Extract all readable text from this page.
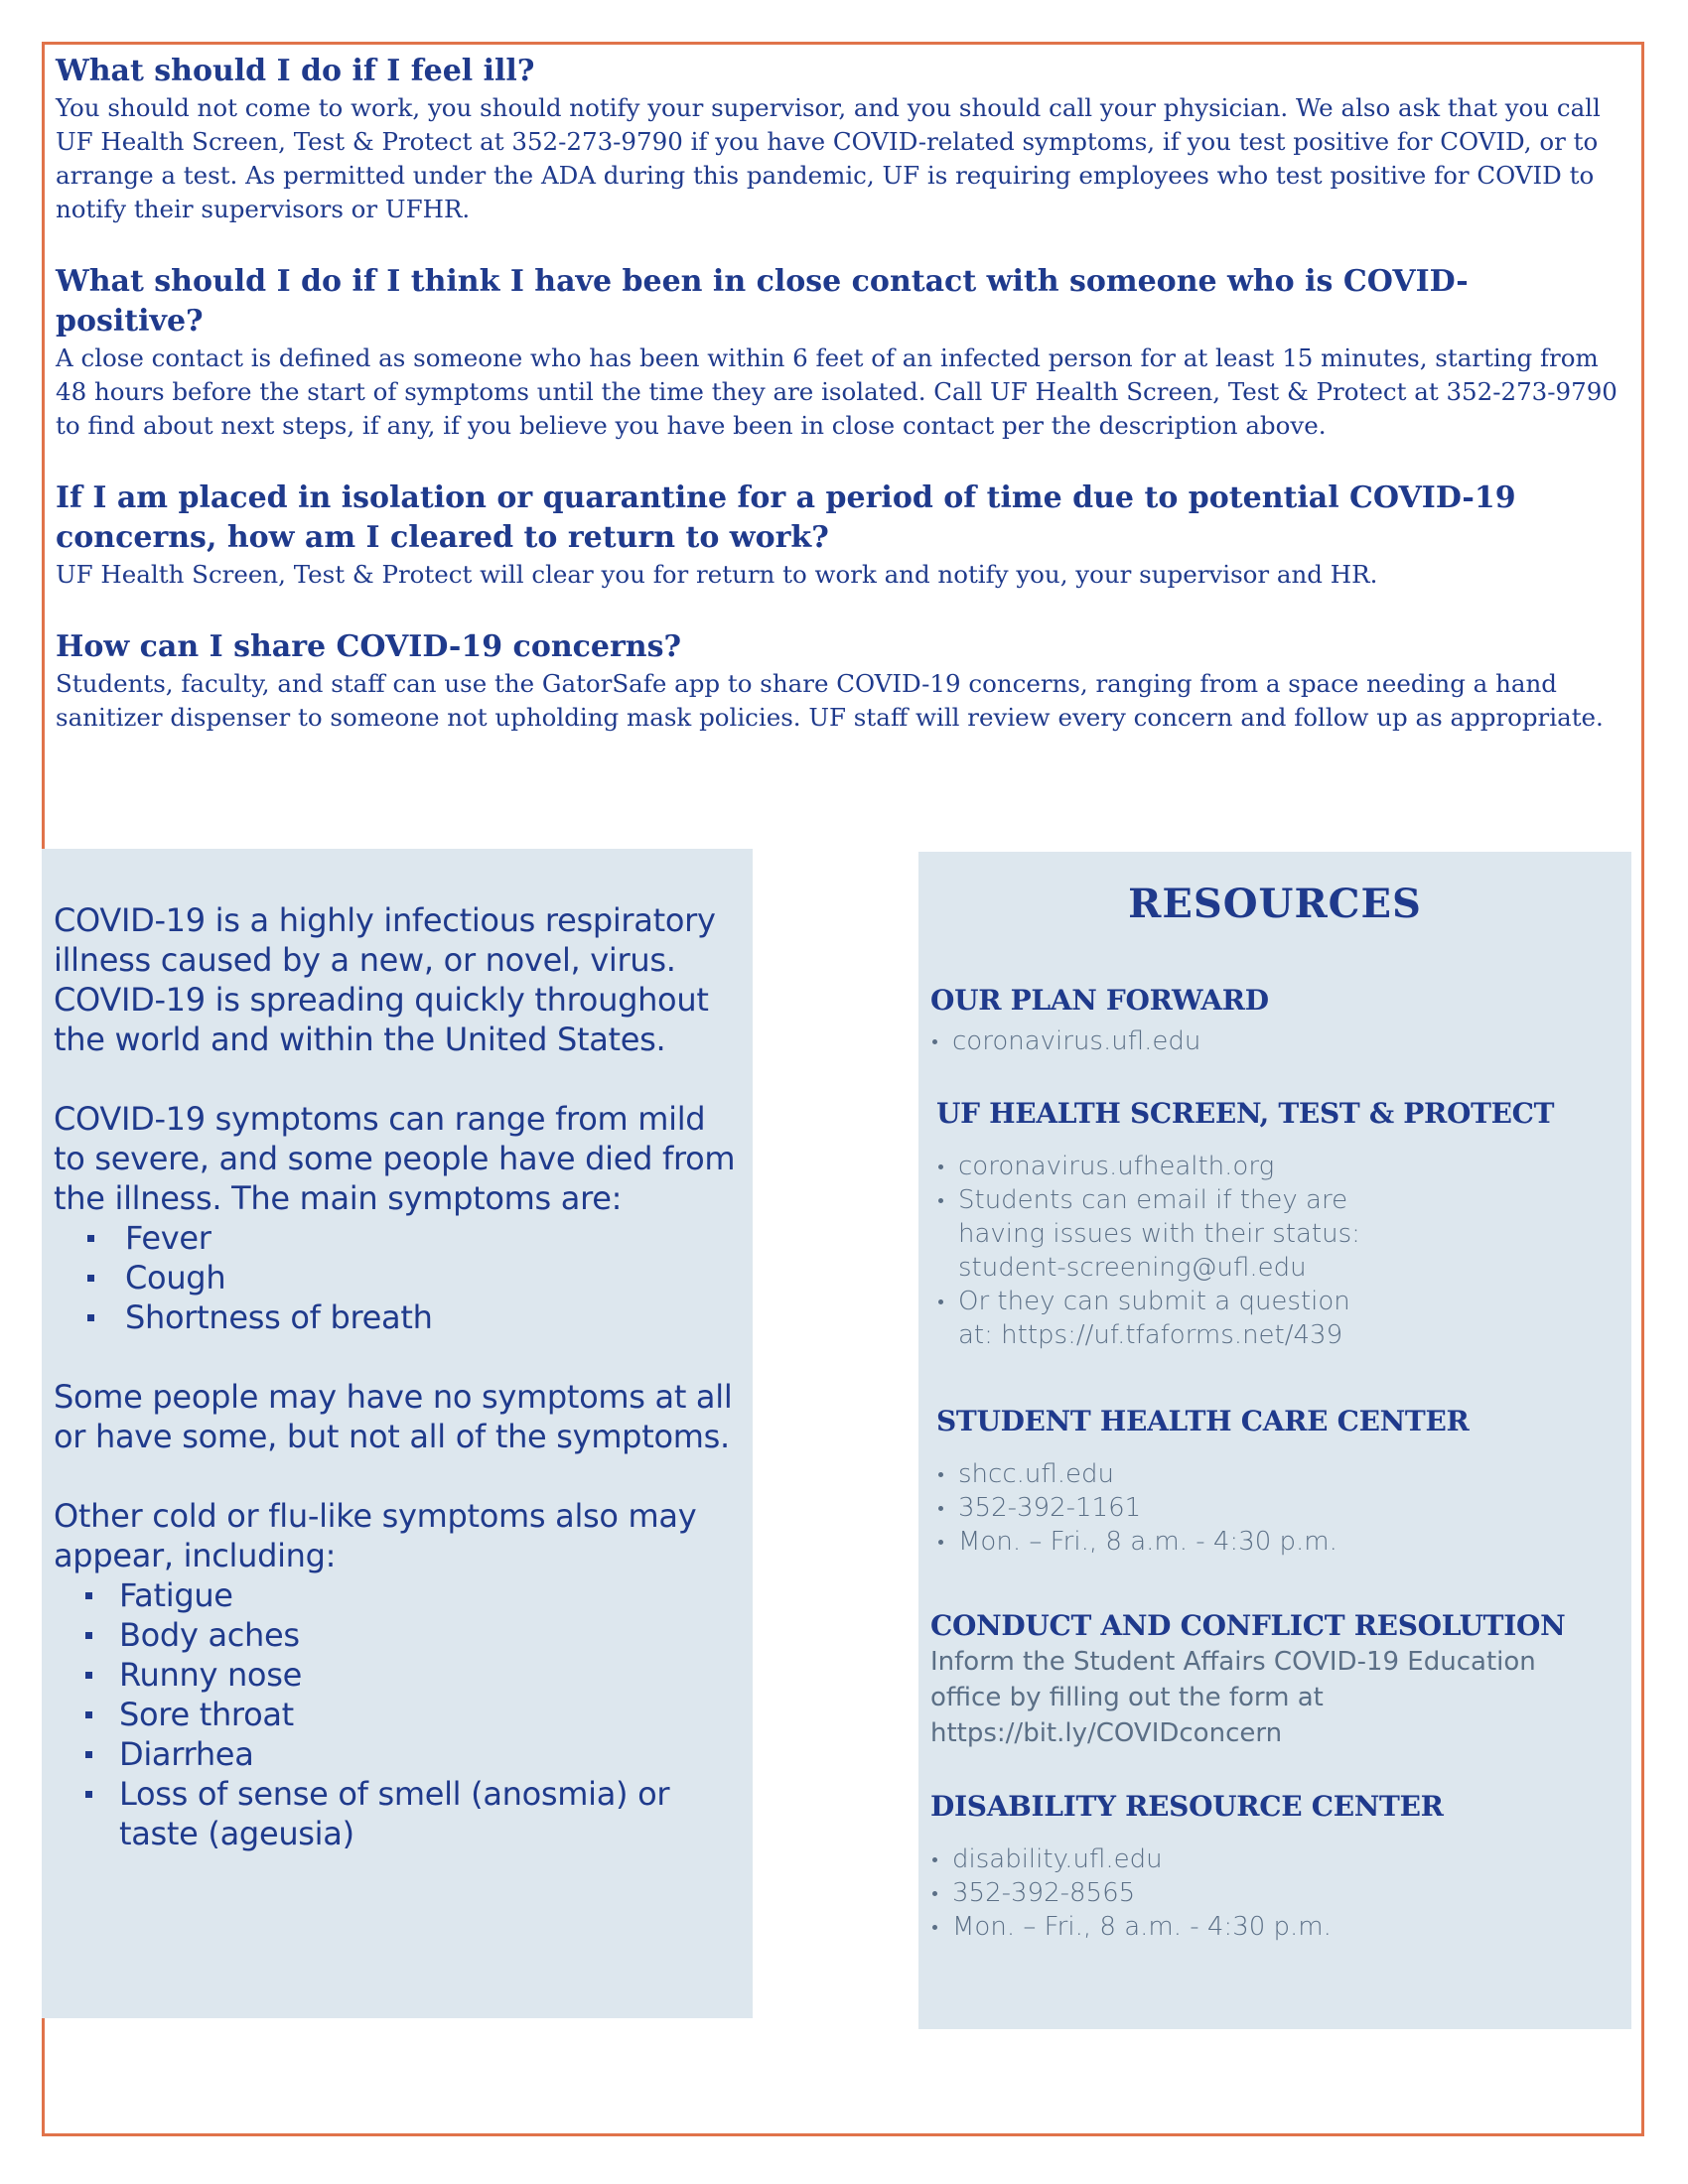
What should I do if I feel ill?

You should not come to work, you should notify your supervisor, and you should call your physician. We also ask that you call UF Health Screen, Test & Protect at 352-273-9790 if you have COVID-related symptoms, if you test positive for COVID, or to arrange a test. As permitted under the ADA during this pandemic, UF is requiring employees who test positive for COVID to notify their supervisors or UFHR.

What should I do if I think I have been in close contact with someone who is COVID-positive?

A close contact is defined as someone who has been within 6 feet of an infected person for at least 15 minutes, starting from 48 hours before the start of symptoms until the time they are isolated. Call UF Health Screen, Test & Protect at 352-273-9790 to find about next steps, if any, if you believe you have been in close contact per the description above.

If I am placed in isolation or quarantine for a period of time due to potential COVID-19 concerns, how am I cleared to return to work?

UF Health Screen, Test & Protect will clear you for return to work and notify you, your supervisor and HR.

How can I share COVID-19 concerns?

Students, faculty, and staff can use the GatorSafe app to share COVID-19 concerns, ranging from a space needing a hand sanitizer dispenser to someone not upholding mask policies. UF staff will review every concern and follow up as appropriate.

COVID-19 is a highly infectious respiratory illness caused by a new, or novel, virus. COVID-19 is spreading quickly throughout the world and within the United States.

COVID-19 symptoms can range from mild to severe, and some people have died from the illness. The main symptoms are:

Fever
Cough
Shortness of breath

Some people may have no symptoms at all or have some, but not all of the symptoms.

Other cold or flu-like symptoms also may appear, including:

Fatigue
Body aches
Runny nose
Sore throat
Diarrhea
Loss of sense of smell (anosmia) or taste (ageusia)

RESOURCES

OUR PLAN FORWARD

coronavirus.ufl.edu

UF HEALTH SCREEN, TEST & PROTECT

coronavirus.ufhealth.org
Students can email if they are having issues with their status: student-screening@ufl.edu
Or they can submit a question at: https://uf.tfaforms.net/439

STUDENT HEALTH CARE CENTER

shcc.ufl.edu
352-392-1161
Mon. – Fri., 8 a.m. - 4:30 p.m.

CONDUCT AND CONFLICT RESOLUTION

Inform the Student Affairs COVID-19 Education office by filling out the form at https://bit.ly/COVIDconcern

DISABILITY RESOURCE CENTER

disability.ufl.edu
352-392-8565
Mon. – Fri., 8 a.m. - 4:30 p.m.
